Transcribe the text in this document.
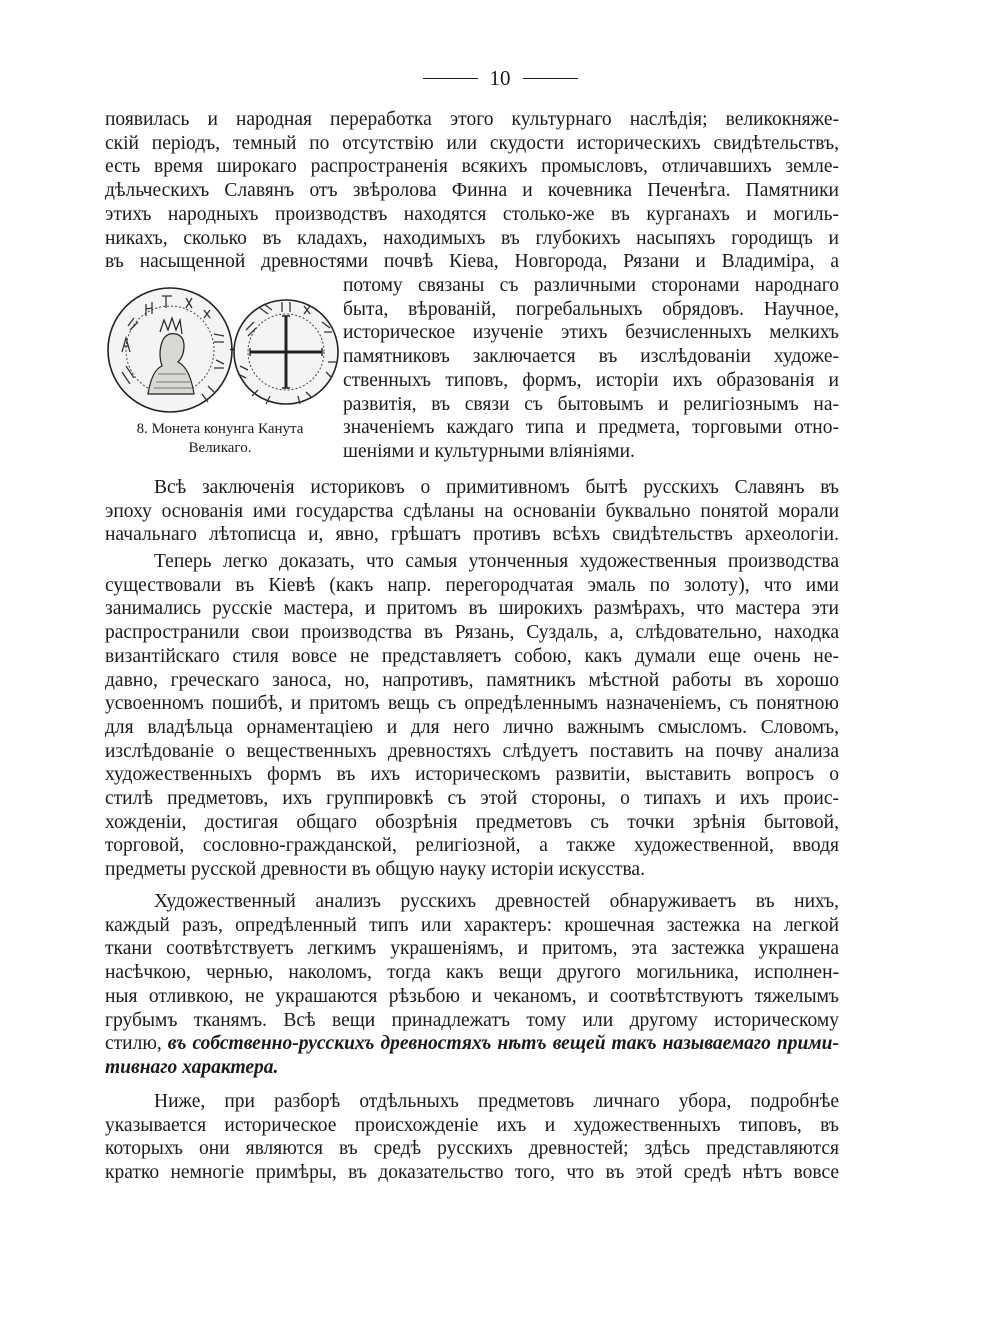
10
появилась и народная переработка этого культурнаго наслѣдія; великокняже-
скій періодъ, темный по отсутствію или скудости историческихъ свидѣтельствъ,
есть время широкаго распространенія всякихъ промысловъ, отличавшихъ земле-
дѣльческихъ Славянъ отъ звѣролова Финна и кочевника Печенѣга. Памятники
этихъ народныхъ производствъ находятся столько-же въ курганахъ и могиль-
никахъ, сколько въ кладахъ, находимыхъ въ глубокихъ насыпяхъ городищъ и
въ насыщенной древностями почвѣ Кіева, Новгорода, Рязани и Владиміра, а
8. Монета конунга Канута
Великаго.
потому связаны съ различными сторонами народнаго
быта, вѣрованій, погребальныхъ обрядовъ. Научное,
историческое изученіе этихъ безчисленныхъ мелкихъ
памятниковъ заключается въ изслѣдованіи художе-
ственныхъ типовъ, формъ, исторіи ихъ образованія и
развитія, въ связи съ бытовымъ и религіознымъ на-
значеніемъ каждаго типа и предмета, торговыми отно-
шеніями и культурными вліяніями.
Всѣ заключенія историковъ о примитивномъ бытѣ русскихъ Славянъ въ
эпоху основанія ими государства сдѣланы на основаніи буквально понятой морали
начальнаго лѣтописца и, явно, грѣшатъ противъ всѣхъ свидѣтельствъ археологіи.
Теперь легко доказать, что самыя утонченныя художественныя производства
существовали въ Кіевѣ (какъ напр. перегородчатая эмаль по золоту), что ими
занимались русскіе мастера, и притомъ въ широкихъ размѣрахъ, что мастера эти
распространили свои производства въ Рязань, Суздаль, а, слѣдовательно, находка
византійскаго стиля вовсе не представляетъ собою, какъ думали еще очень не-
давно, греческаго заноса, но, напротивъ, памятникъ мѣстной работы въ хорошо
усвоенномъ пошибѣ, и притомъ вещь съ опредѣленнымъ назначеніемъ, съ понятною
для владѣльца орнаментаціею и для него лично важнымъ смысломъ. Словомъ,
изслѣдованіе о вещественныхъ древностяхъ слѣдуетъ поставить на почву анализа
художественныхъ формъ въ ихъ историческомъ развитіи, выставить вопросъ о
стилѣ предметовъ, ихъ группировкѣ съ этой стороны, о типахъ и ихъ проис-
хожденіи, достигая общаго обозрѣнія предметовъ съ точки зрѣнія бытовой,
торговой, сословно-гражданской, религіозной, а также художественной, вводя
предметы русской древности въ общую науку исторіи искусства.
Художественный анализъ русскихъ древностей обнаруживаетъ въ нихъ,
каждый разъ, опредѣленный типъ или характеръ: крошечная застежка на легкой
ткани соотвѣтствуетъ легкимъ украшеніямъ, и притомъ, эта застежка украшена
насѣчкою, чернью, наколомъ, тогда какъ вещи другого могильника, исполнен-
ныя отливкою, не украшаются рѣзьбою и чеканомъ, и соотвѣтствуютъ тяжелымъ
грубымъ тканямъ. Всѣ вещи принадлежатъ тому или другому историческому
стилю, въ собственно-русскихъ древностяхъ нѣтъ вещей такъ называемаго прими-
тивнаго характера.
Ниже, при разборѣ отдѣльныхъ предметовъ личнаго убора, подробнѣе
указывается историческое происхожденіе ихъ и художественныхъ типовъ, въ
которыхъ они являются въ средѣ русскихъ древностей; здѣсь представляются
кратко немногіе примѣры, въ доказательство того, что въ этой средѣ нѣтъ вовсе
